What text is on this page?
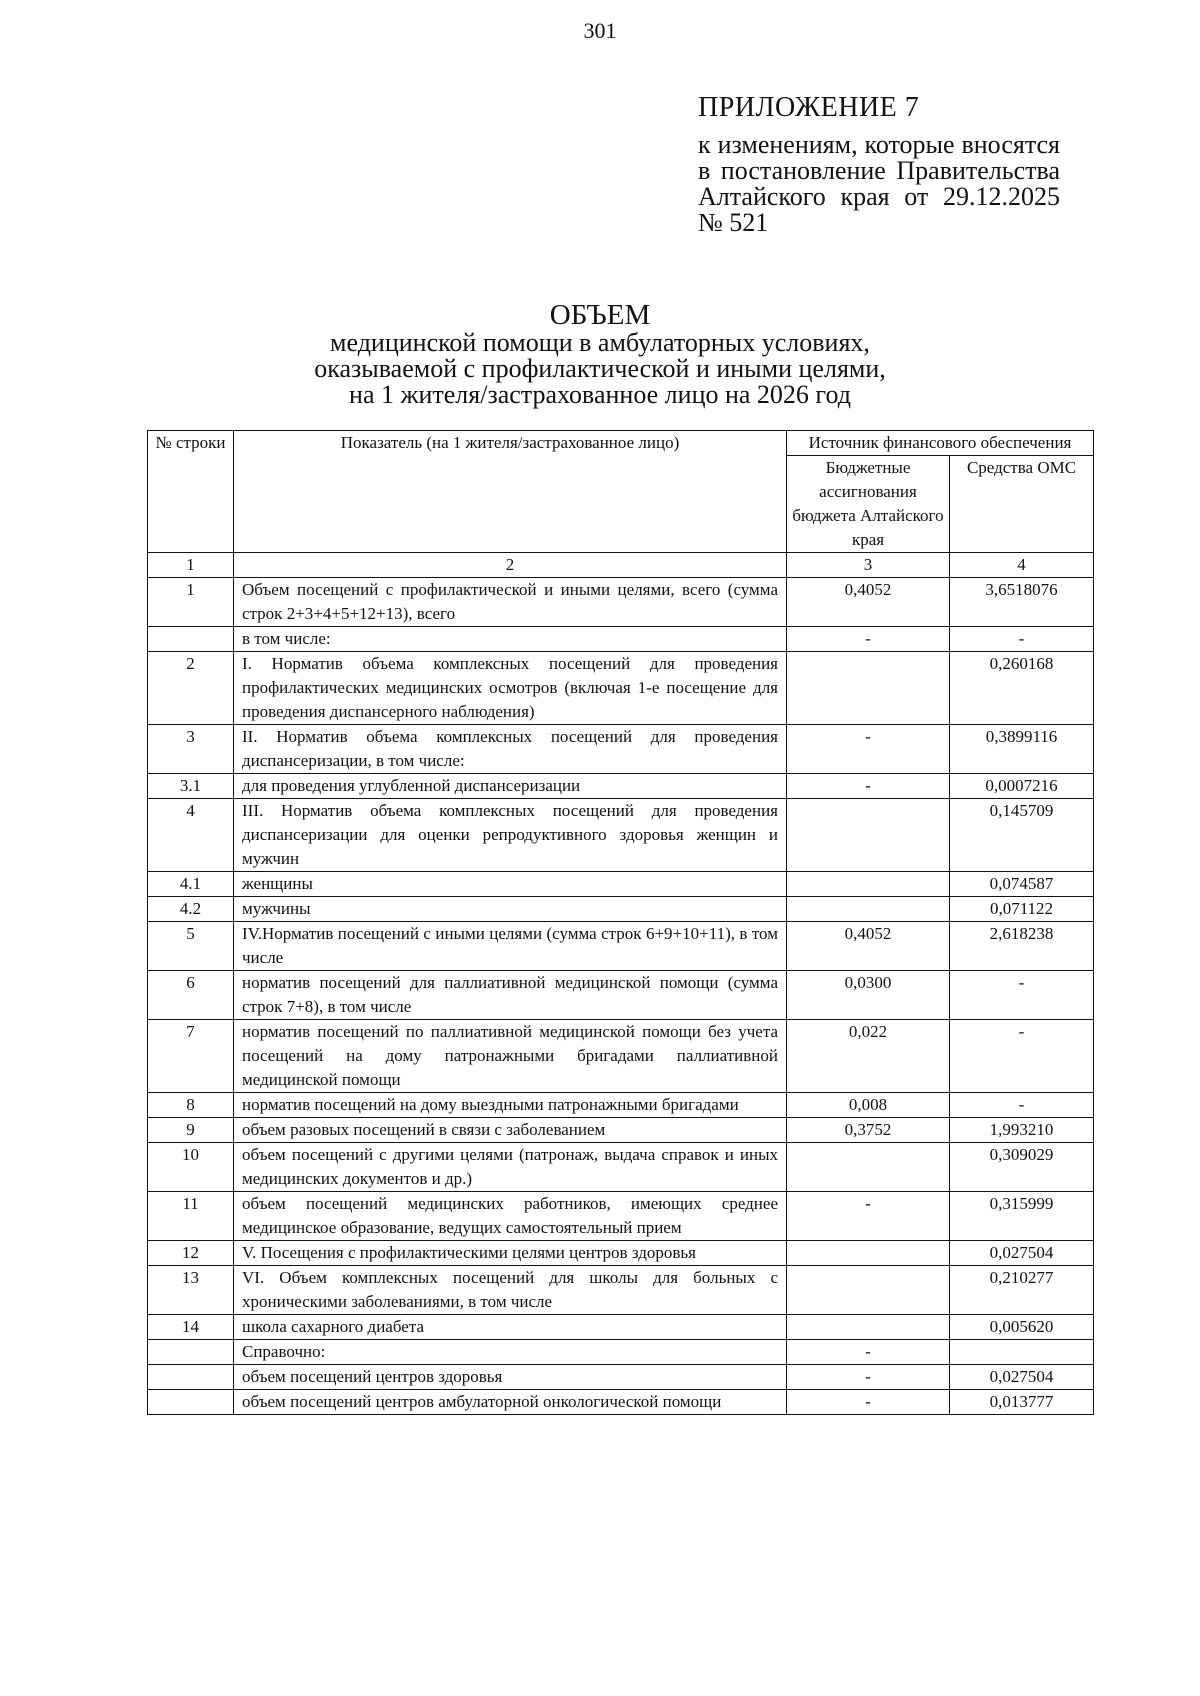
301
ПРИЛОЖЕНИЕ 7
к изменениям, которые вносятся в постановление Правительства Алтайского края от 29.12.2025 № 521
ОБЪЕМ
медицинской помощи в амбулаторных условиях,
оказываемой с профилактической и иными целями,
на 1 жителя/застрахованное лицо на 2026 год
№ строки	Показатель (на 1 жителя/застрахованное лицо)	Источник финансового обеспечения	
		Бюджетные ассигнования бюджета Алтайского края	Средства ОМС
1	2	3	4
1	Объем посещений с профилактической и иными целями, всего (сумма строк 2+3+4+5+12+13), всего	0,4052	3,6518076
	в том числе:	-	-
2	I. Норматив объема комплексных посещений для проведения профилактических медицинских осмотров (включая 1-е посещение для проведения диспансерного наблюдения)		0,260168
3	II. Норматив объема комплексных посещений для проведения диспансеризации, в том числе:	-	0,3899116
3.1	для проведения углубленной диспансеризации	-	0,0007216
4	III. Норматив объема комплексных посещений для проведения диспансеризации для оценки репродуктивного здоровья женщин и мужчин		0,145709
4.1	женщины		0,074587
4.2	мужчины		0,071122
5	IV.Норматив посещений с иными целями (сумма строк 6+9+10+11), в том числе	0,4052	2,618238
6	норматив посещений для паллиативной медицинской помощи (сумма строк 7+8), в том числе	0,0300	-
7	норматив посещений по паллиативной медицинской помощи без учета посещений на дому патронажными бригадами паллиативной медицинской помощи	0,022	-
8	норматив посещений на дому выездными патронажными бригадами	0,008	-
9	объем разовых посещений в связи с заболеванием	0,3752	1,993210
10	объем посещений с другими целями (патронаж, выдача справок и иных медицинских документов и др.)		0,309029
11	объем посещений медицинских работников, имеющих среднее медицинское образование, ведущих самостоятельный прием	-	0,315999
12	V. Посещения с профилактическими целями центров здоровья		0,027504
13	VI. Объем комплексных посещений для школы для больных с хроническими заболеваниями, в том числе		0,210277
14	школа сахарного диабета		0,005620
	Справочно:	-	
	объем посещений центров здоровья	-	0,027504
	объем посещений центров амбулаторной онкологической помощи	-	0,013777
